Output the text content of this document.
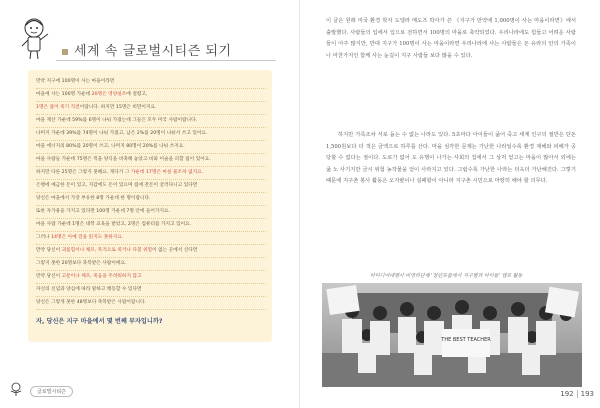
세계 속 글로벌시티즌 되기
만약 지구에 100명이 사는 마을이라면
자, 당신은 지구 마을에서 몇 번째 부자입니까?
마을에 사는 100명 가운데 20명은 영양실조에 걸렸고,
1명은 굶어 죽기 직전이랍니다. 하지만 15명은 비만이지요.
마을 재산 가운데 59%를 6명이 나눠 가졌는데 그들은 모두 미국 사람이랍니다.
나머지 가운데 39%를 74명이 나눠 가졌고, 남은 2%를 20명이 나눠서 쓰고 있어요.
마을 에너지의 80%를 20명이 쓰고, 나머지 80명이 20%를 나눠 쓰지요.
마을 사람들 가운데 75명은 먹을 양식을 비축해 놓았고 비와 이슬을 피할 집이 있어요.
하지만 다른 25명은 그렇지 못해요. 게다가 그 가운데 17명은 마실 물조차 없지요.
은행에 예금한 돈이 있고, 지갑에도 돈이 있으며 집에 잔돈이 굴러다니고 있다면
당신은 마을에서 가장 부유한 8명 가운데 한 명이랍니다.
또한 자가용을 가지고 있다면 100명 가운데 7명 안에 들어가지요.
마을 사람 가운데 1명은 대학 교육을 받았고, 2명은 컴퓨터를 가지고 있어요.
그러나 14명은 아예 글을 읽지도 못하지요.
만약 당신이 괴롭힘이나 체포, 폭격으로 죽거나 다칠 위험이 없는 곳에서 산다면
그렇지 못한 20명보다 축복받은 사람이에요.
만약 당신이 고문이나 체포, 죽음을 두려워하지 않고
자신의 신념과 양심에 따라 말하고 행동할 수 있다면
당신은 그렇게 못한 48명보다 축복받은 사람이랍니다.
글로벌시티즌
이 글은 원래 미국 환경 학자 도넬라 메도즈 박사가 쓴 《지구가 만약에 1,000명이 사는 마을이라면》에서 출발했다. 사람들의 입에서 입으로 전하면서 100명의 마을로 축약되었다. 우리나라에도 힘들고 어려운 사람들이 아주 많지만, 반대 지구가 100명이 사는 마을이라면 우리나라에 사는 사람들은 돈 유라의 안의 가족이나 마찬가지인 함께 사는 눈길이 지구 사람들 보다 많을 수 있다.
하지만 가족조차 서로 돕는 수 없는 나라도 있다. 5초마다 아이들이 굶어 죽고 세계 인구의 절반은 단돈 1,500원보다 더 적은 금액으로 하루를 산다. 마을 심각한 문제는 가난한 나라일수록 환경 재해와 피해가 공당할 수 없다는 점이다. 도로가 없어 도 유행이 나가는 사회의 집에서 그 상처 얻고는 마을이 많아서 외에는 굶 노 사기지만 금시 위험 농작물을 얻이 사라지고 있다. 그럼수록 가난한 나라는 더욱더 가난해진다. 그렇기 때문에 지구촌 봉사 활동은 오지랖이나 실패할이 아니라 지구촌 시민으로 마땅히 해야 할 의무다.
아이디어대행사 비영리단체 '청년프롬에서 지구별과 아이들' 캠프 활동
THE BEST TEACHER
192 193
